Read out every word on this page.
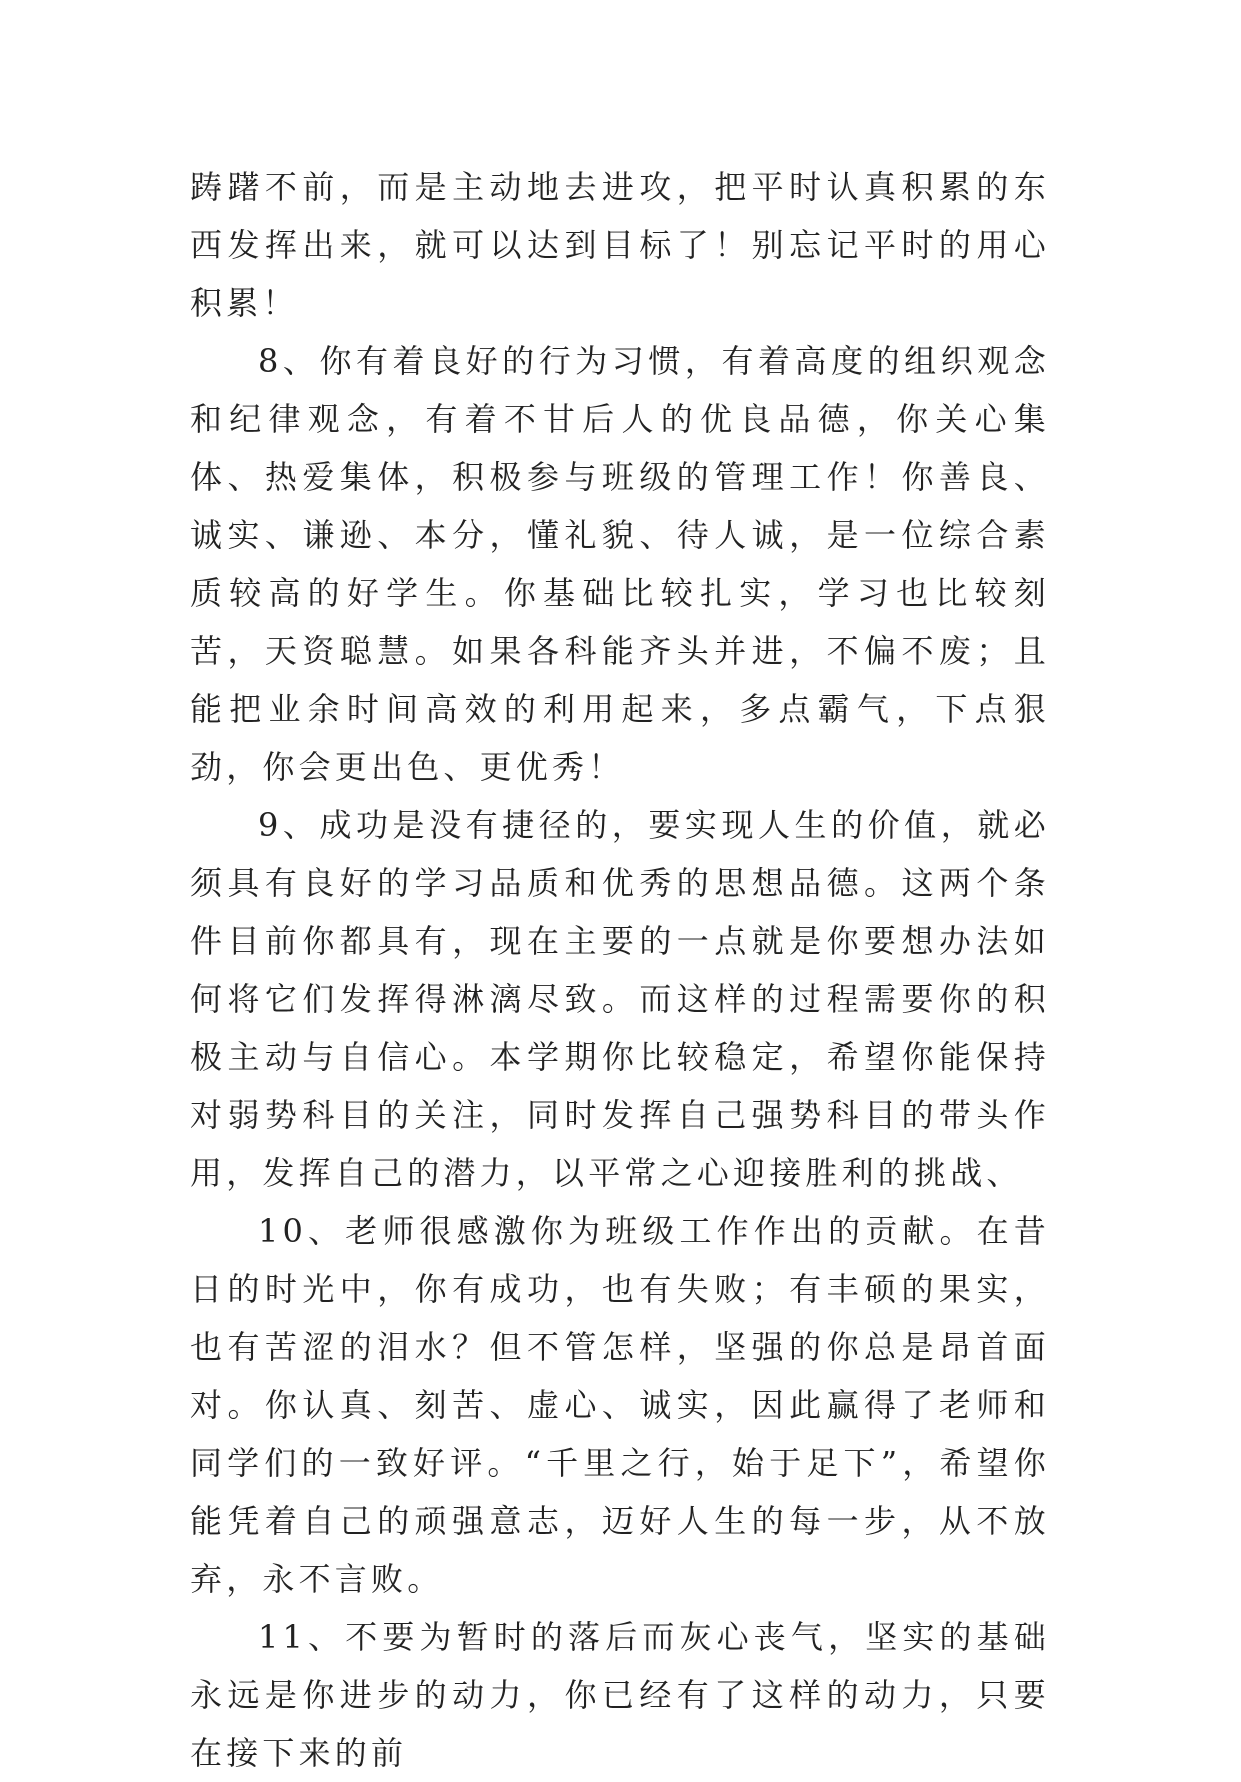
踌躇不前，而是主动地去进攻，把平时认真积累的东西发挥出来，就可以达到目标了！别忘记平时的用心积累！

8、你有着良好的行为习惯，有着高度的组织观念和纪律观念，有着不甘后人的优良品德，你关心集体、热爱集体，积极参与班级的管理工作！你善良、诚实、谦逊、本分，懂礼貌、待人诚，是一位综合素质较高的好学生。你基础比较扎实，学习也比较刻苦，天资聪慧。如果各科能齐头并进，不偏不废；且能把业余时间高效的利用起来，多点霸气，下点狠劲，你会更出色、更优秀！

9、成功是没有捷径的，要实现人生的价值，就必须具有良好的学习品质和优秀的思想品德。这两个条件目前你都具有，现在主要的一点就是你要想办法如何将它们发挥得淋漓尽致。而这样的过程需要你的积极主动与自信心。本学期你比较稳定，希望你能保持对弱势科目的关注，同时发挥自己强势科目的带头作用，发挥自己的潜力，以平常之心迎接胜利的挑战、

10、老师很感激你为班级工作作出的贡献。在昔日的时光中，你有成功，也有失败；有丰硕的果实，也有苦涩的泪水？但不管怎样，坚强的你总是昂首面对。你认真、刻苦、虚心、诚实，因此赢得了老师和同学们的一致好评。“千里之行，始于足下”，希望你能凭着自己的顽强意志，迈好人生的每一步，从不放弃，永不言败。

11、不要为暂时的落后而灰心丧气，坚实的基础永远是你进步的动力，你已经有了这样的动力，只要在接下来的前
